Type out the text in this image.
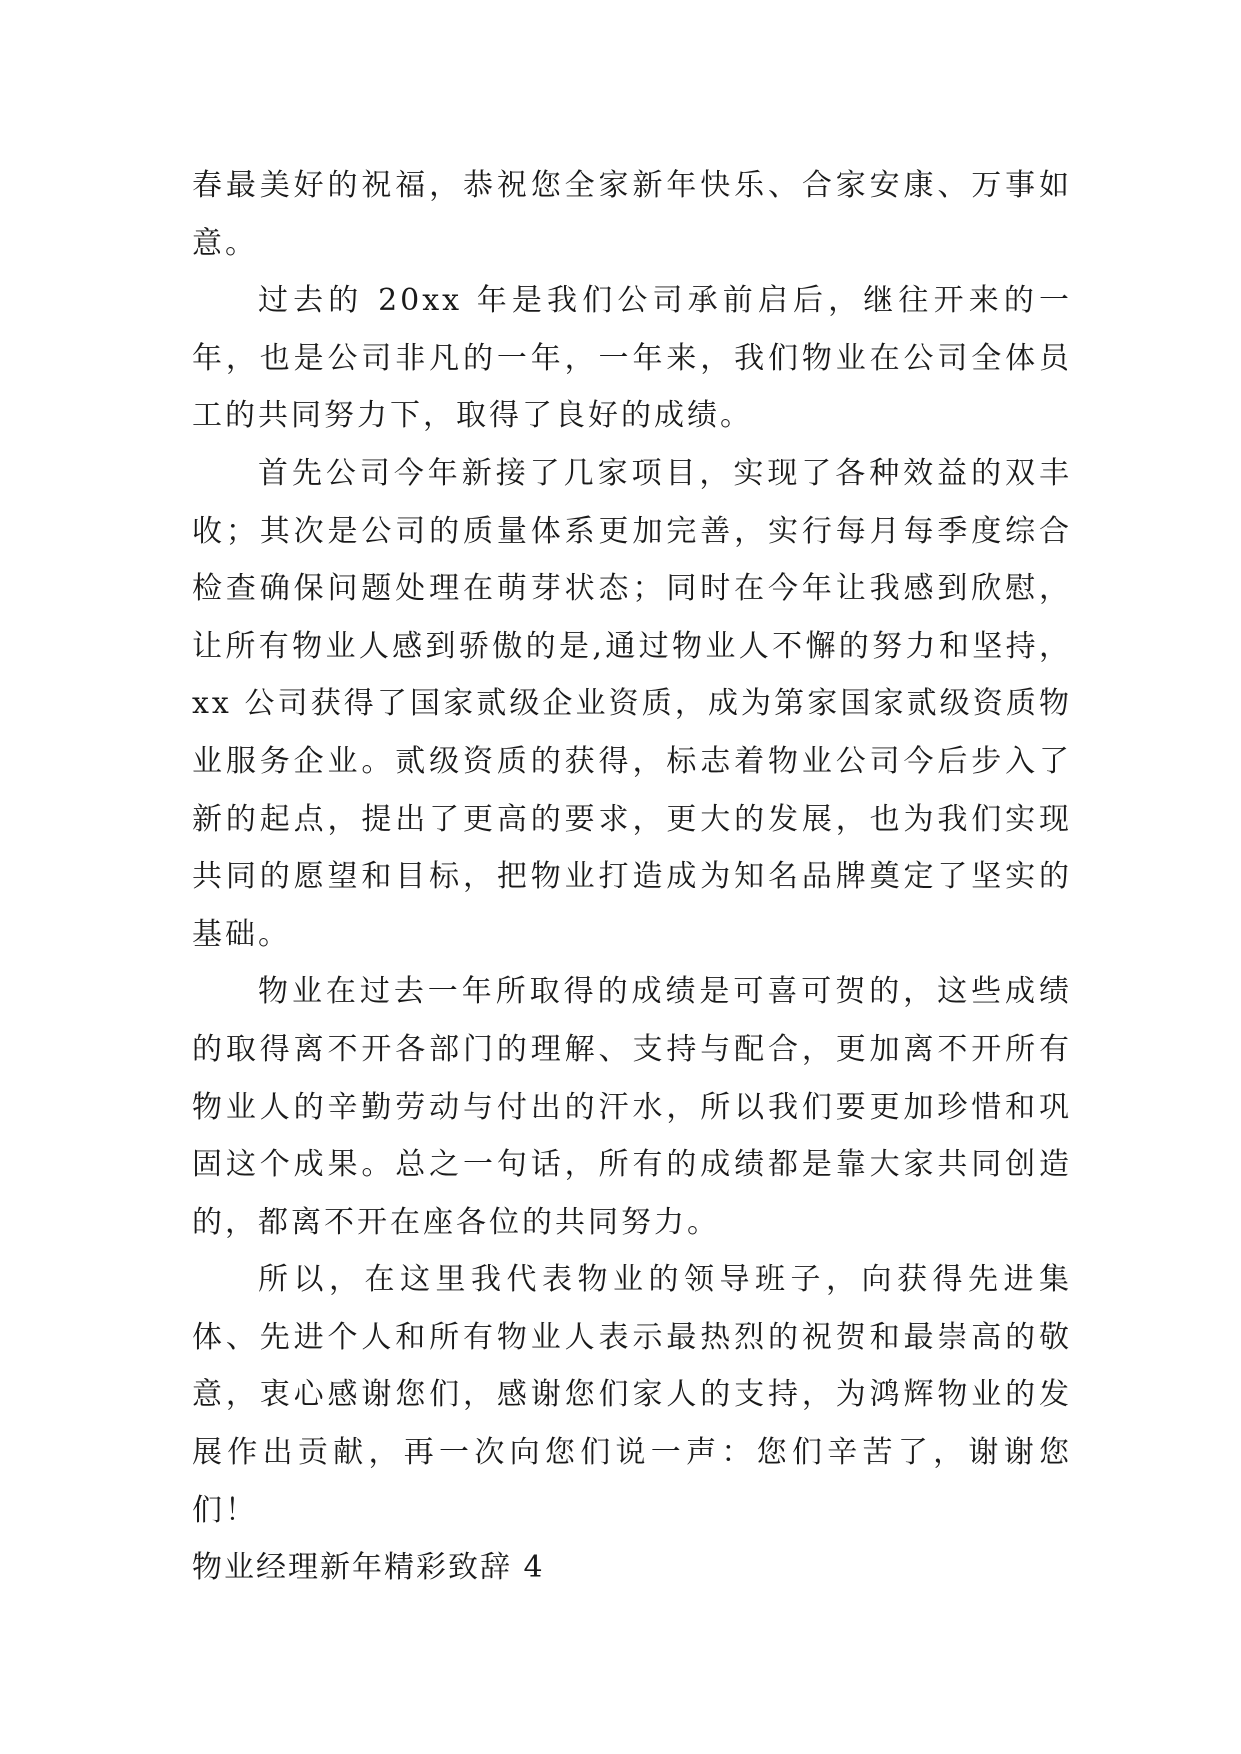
春最美好的祝福，恭祝您全家新年快乐、合家安康、万事如意。

过去的 20xx 年是我们公司承前启后，继往开来的一年，也是公司非凡的一年，一年来，我们物业在公司全体员工的共同努力下，取得了良好的成绩。

首先公司今年新接了几家项目，实现了各种效益的双丰收；其次是公司的质量体系更加完善，实行每月每季度综合检查确保问题处理在萌芽状态；同时在今年让我感到欣慰，让所有物业人感到骄傲的是,通过物业人不懈的努力和坚持，xx 公司获得了国家贰级企业资质，成为第家国家贰级资质物业服务企业。贰级资质的获得，标志着物业公司今后步入了新的起点，提出了更高的要求，更大的发展，也为我们实现共同的愿望和目标，把物业打造成为知名品牌奠定了坚实的基础。

物业在过去一年所取得的成绩是可喜可贺的，这些成绩的取得离不开各部门的理解、支持与配合，更加离不开所有物业人的辛勤劳动与付出的汗水，所以我们要更加珍惜和巩固这个成果。总之一句话，所有的成绩都是靠大家共同创造的，都离不开在座各位的共同努力。

所以，在这里我代表物业的领导班子，向获得先进集体、先进个人和所有物业人表示最热烈的祝贺和最崇高的敬意，衷心感谢您们，感谢您们家人的支持，为鸿辉物业的发展作出贡献，再一次向您们说一声：您们辛苦了，谢谢您们！

物业经理新年精彩致辞 4
